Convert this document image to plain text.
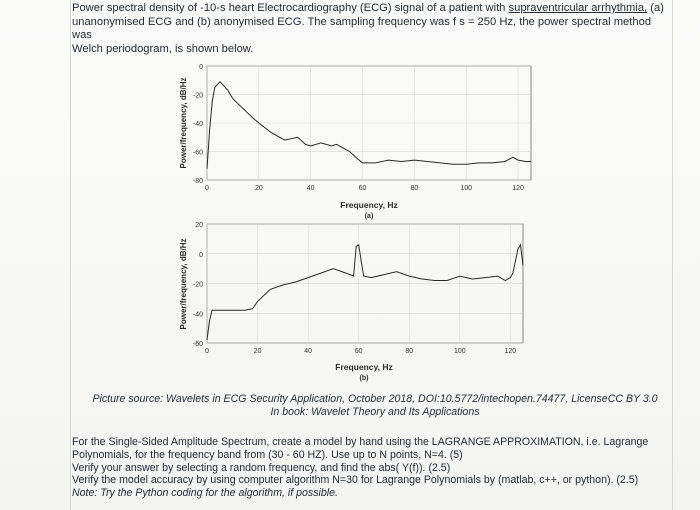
Power spectral density of -10-s heart Electrocardiography (ECG) signal of a patient with supraventricular arrhythmia, (a)
unanonymised ECG and (b) anonymised ECG. The sampling frequency was f s = 250 Hz, the power spectral method was
Welch periodogram, is shown below.
0
-20
-40
-60
-80
0	20	40	60	80	100	120
Power/frequency, dB/Hz
Frequency, Hz
(a)
20
0
-20
-40
-60
0	20	40	60	80	100	120
Power/frequency, dB/Hz
Frequency, Hz
(b)
Picture source: Wavelets in ECG Security Application, October 2018, DOI:10.5772/intechopen.74477, LicenseCC BY 3.0
In book: Wavelet Theory and Its Applications
For the Single-Sided Amplitude Spectrum, create a model by hand using the LAGRANGE APPROXIMATION, i.e. Lagrange
Polynomials, for the frequency band from (30 - 60 HZ). Use up to N points, N=4. (5)
Verify your answer by selecting a random frequency, and find the abs( Y(f)). (2.5)
Verify the model accuracy by using computer algorithm N=30 for Lagrange Polynomials by (matlab, c++, or python). (2.5)
Note: Try the Python coding for the algorithm, if possible.
